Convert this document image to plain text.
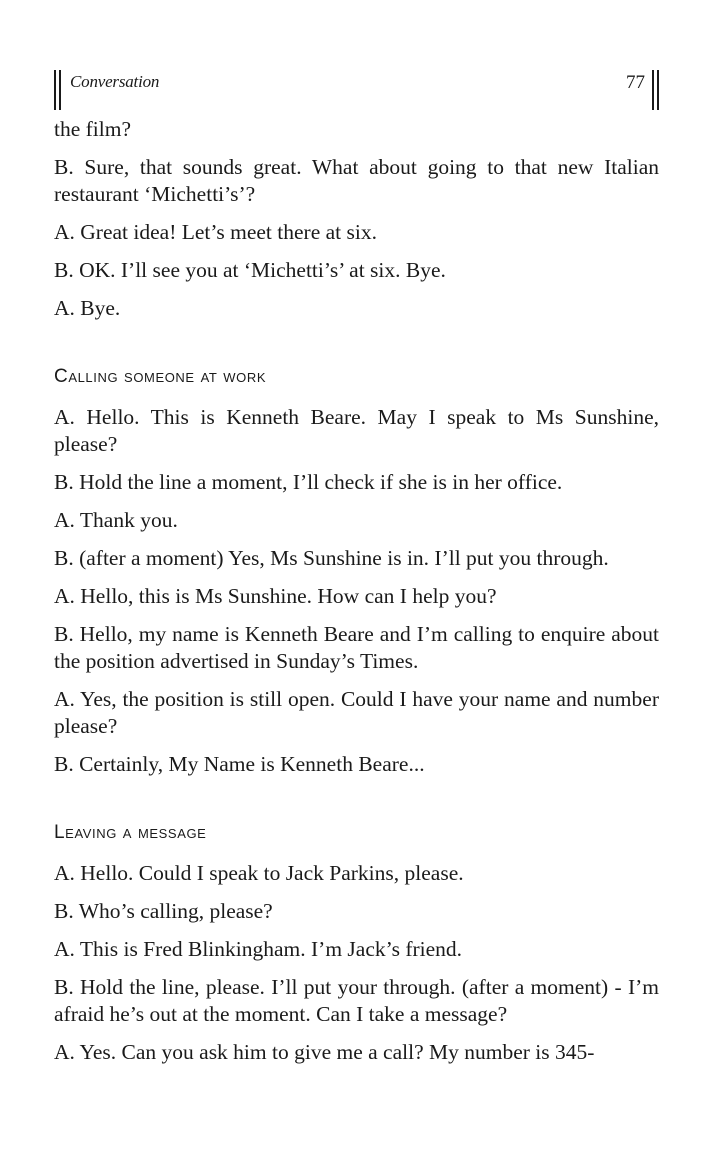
Conversation	77

the film?

B. Sure, that sounds great. What about going to that new Italian restaurant ‘Michetti’s’?

A. Great idea! Let’s meet there at six.

B. OK. I’ll see you at ‘Michetti’s’ at six. Bye.

A. Bye.

Calling someone at work

A. Hello. This is Kenneth Beare. May I speak to Ms Sunshine, please?

B. Hold the line a moment, I’ll check if she is in her office.

A. Thank you.

B. (after a moment) Yes, Ms Sunshine is in. I’ll put you through.

A. Hello, this is Ms Sunshine. How can I help you?

B. Hello, my name is Kenneth Beare and I’m calling to enquire about the position advertised in Sunday’s Times.

A. Yes, the position is still open. Could I have your name and number please?

B. Certainly, My Name is Kenneth Beare...

Leaving a message

A. Hello. Could I speak to Jack Parkins, please.

B. Who’s calling, please?

A. This is Fred Blinkingham. I’m Jack’s friend.

B. Hold the line, please. I’ll put your through. (after a moment) - I’m afraid he’s out at the moment. Can I take a message?

A. Yes. Can you ask him to give me a call? My number is 345-
